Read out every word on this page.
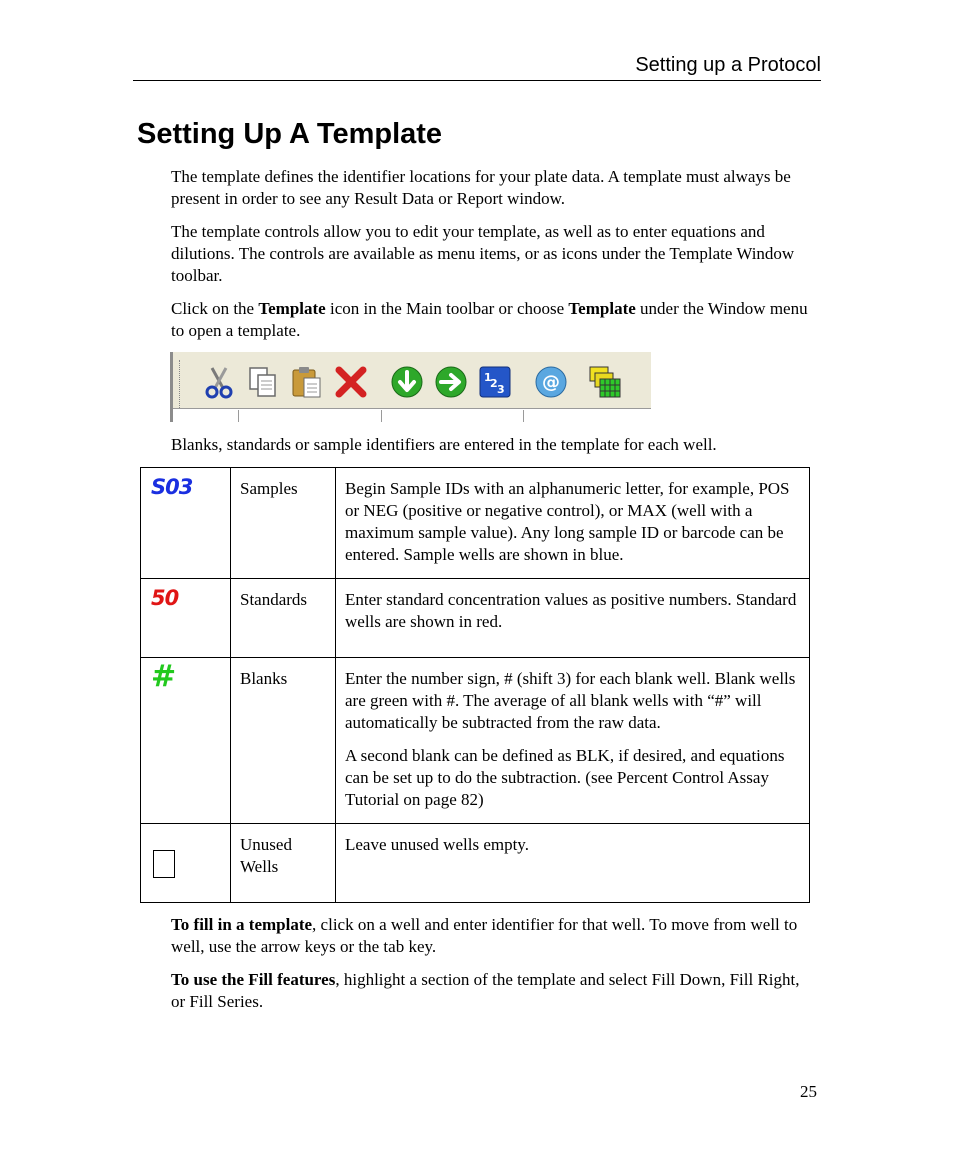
Setting up a Protocol
Setting Up A Template

The template defines the identifier locations for your plate data. A template must always be present in order to see any Result Data or Report window.

The template controls allow you to edit your template, as well as to enter equations and dilutions. The controls are available as menu items, or as icons under the Template Window toolbar.

Click on the Template icon in the Main toolbar or choose Template under the Window menu to open a template.

1
2 3 @

Blanks, standards or sample identifiers are entered in the template for each well.

S03	Samples	Begin Sample IDs with an alphanumeric letter, for example, POS or NEG (positive or negative control), or MAX (well with a maximum sample value). Any long sample ID or barcode can be entered. Sample wells are shown in blue.

50	Standards	Enter standard concentration values as positive numbers. Standard wells are shown in red.

#	Blanks	Enter the number sign, # (shift 3) for each blank well. Blank wells are green with #. The average of all blank wells with “#” will automatically be subtracted from the raw data.

A second blank can be defined as BLK, if desired, and equations can be set up to do the subtraction. (see Percent Control Assay Tutorial on page 82)

	Unused Wells	Leave unused wells empty.

To fill in a template, click on a well and enter identifier for that well. To move from well to well, use the arrow keys or the tab key.

To use the Fill features, highlight a section of the template and select Fill Down, Fill Right, or Fill Series.

25
